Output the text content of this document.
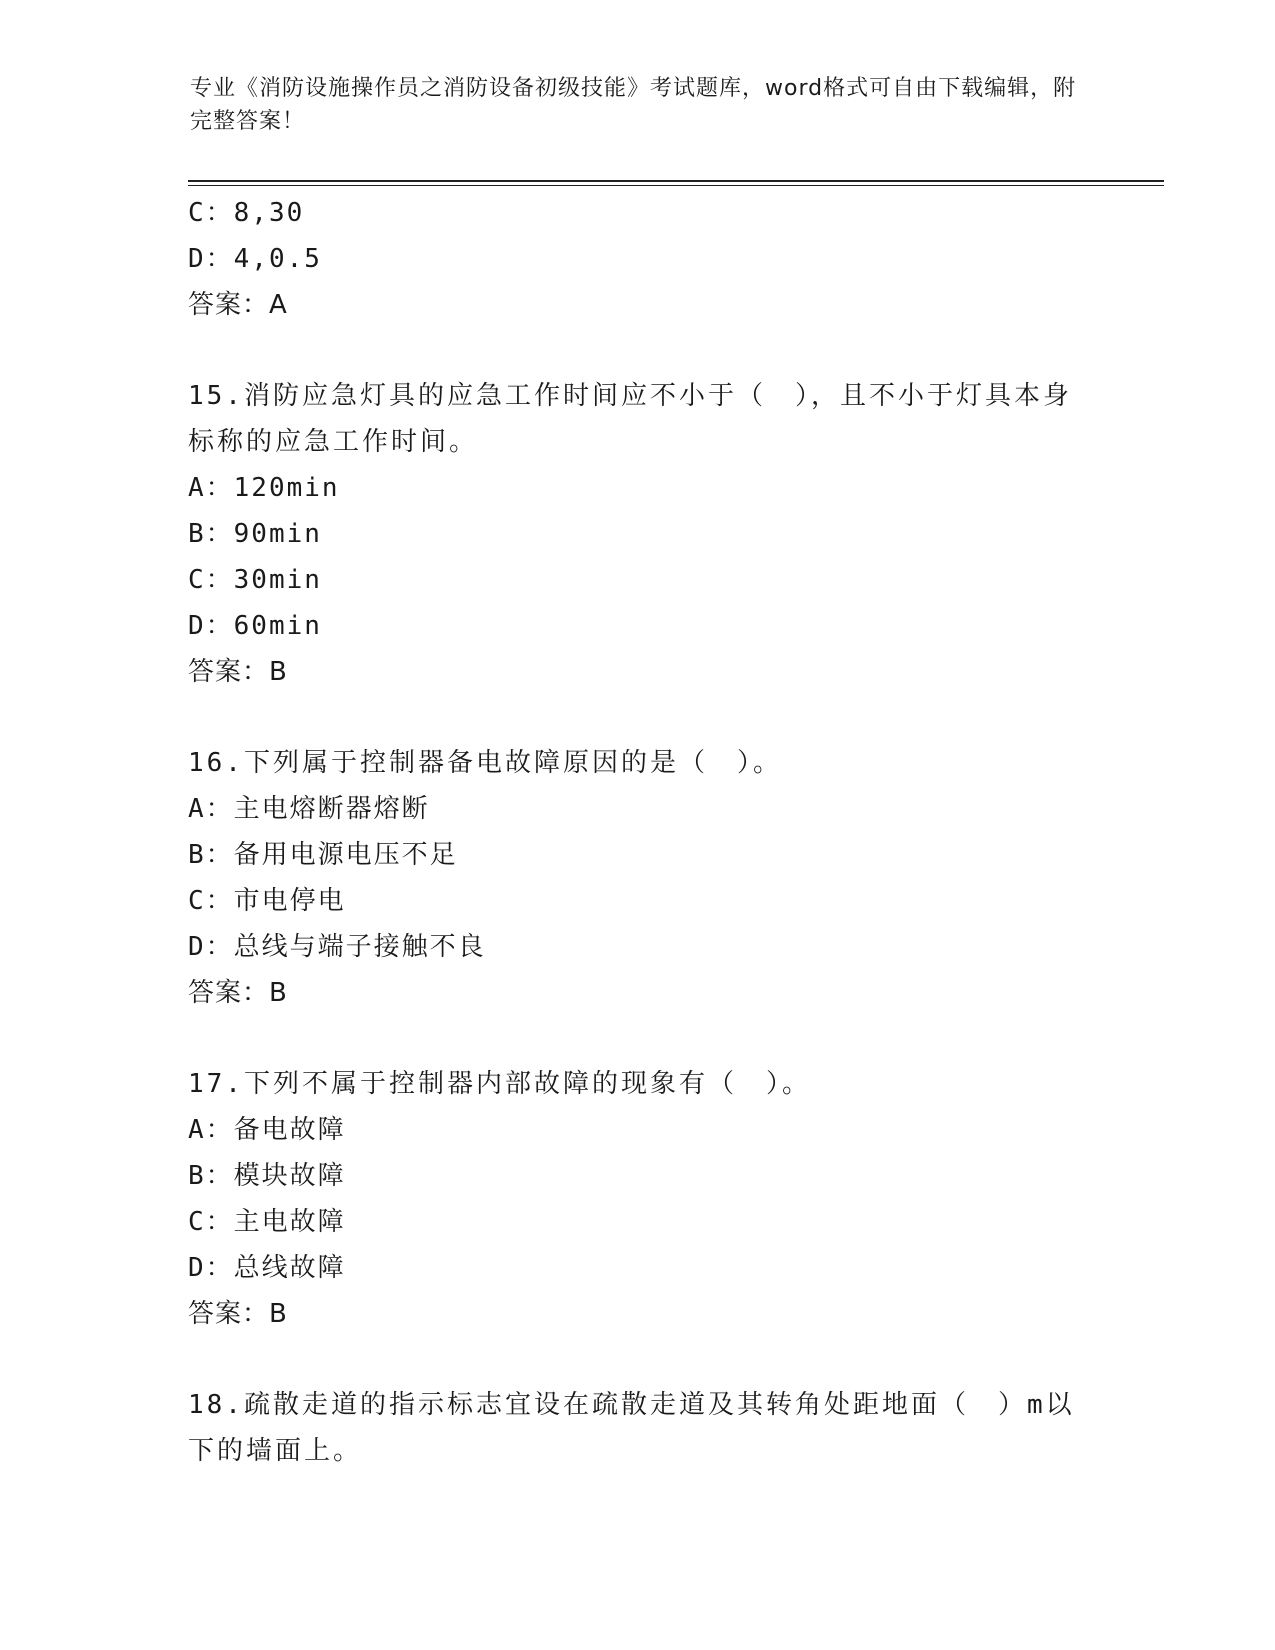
专业《消防设施操作员之消防设备初级技能》考试题库，word格式可自由下载编辑，附完整答案！
C：8,30
D：4,0.5
答案：A
15.消防应急灯具的应急工作时间应不小于（　），且不小于灯具本身标称的应急工作时间。
A：120min
B：90min
C：30min
D：60min
答案：B
16.下列属于控制器备电故障原因的是（　）。
A：主电熔断器熔断
B：备用电源电压不足
C：市电停电
D：总线与端子接触不良
答案：B
17.下列不属于控制器内部故障的现象有（　）。
A：备电故障
B：模块故障
C：主电故障
D：总线故障
答案：B
18.疏散走道的指示标志宜设在疏散走道及其转角处距地面（　）m以下的墙面上。
